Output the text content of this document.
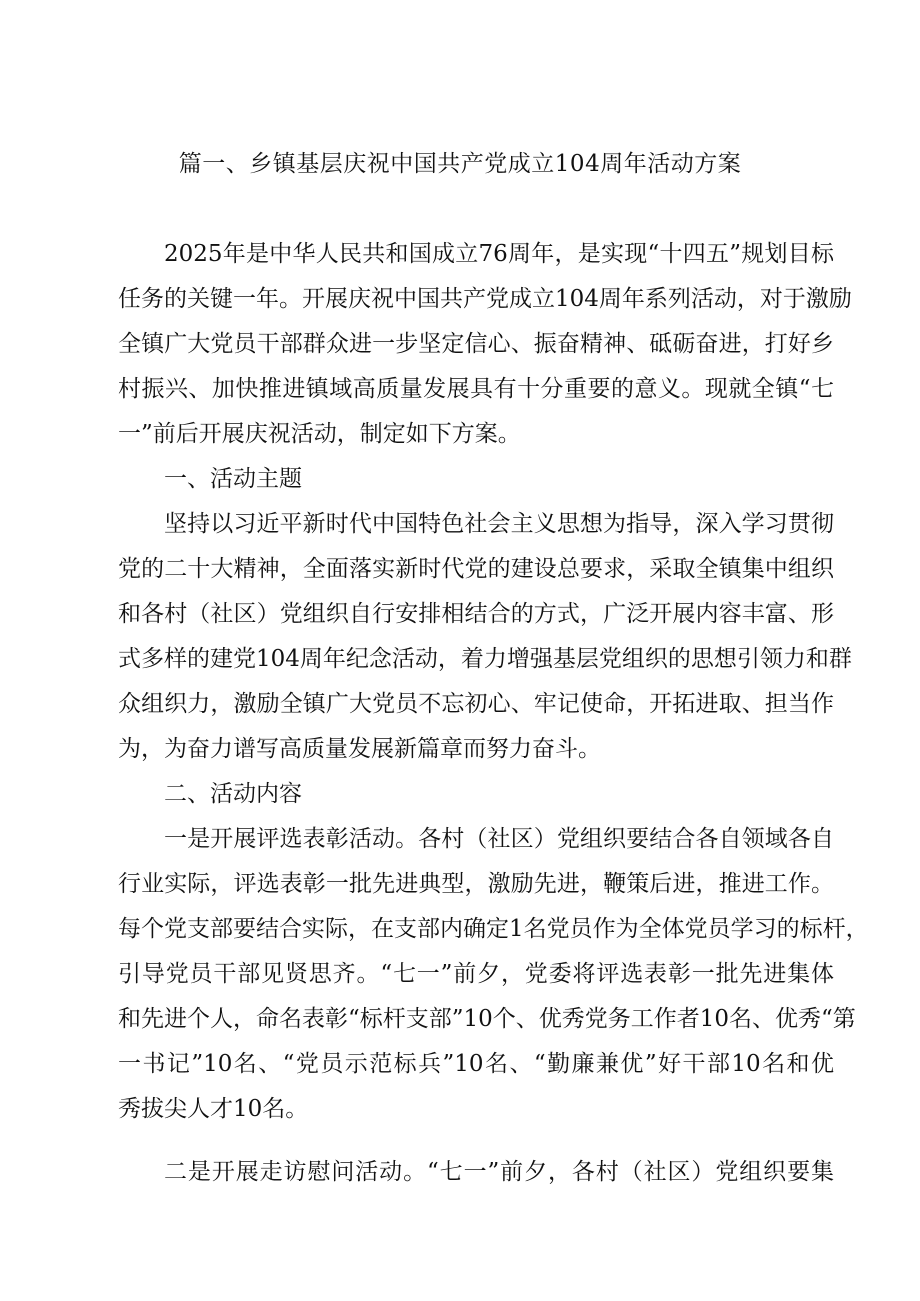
篇一、乡镇基层庆祝中国共产党成立104周年活动方案
2025年是中华人民共和国成立76周年，是实现“十四五”规划目标
任务的关键一年。开展庆祝中国共产党成立104周年系列活动，对于激励
全镇广大党员干部群众进一步坚定信心、振奋精神、砥砺奋进，打好乡
村振兴、加快推进镇域高质量发展具有十分重要的意义。现就全镇“七
一”前后开展庆祝活动，制定如下方案。
一、活动主题
坚持以习近平新时代中国特色社会主义思想为指导，深入学习贯彻
党的二十大精神，全面落实新时代党的建设总要求，采取全镇集中组织
和各村（社区）党组织自行安排相结合的方式，广泛开展内容丰富、形
式多样的建党104周年纪念活动，着力增强基层党组织的思想引领力和群
众组织力，激励全镇广大党员不忘初心、牢记使命，开拓进取、担当作
为，为奋力谱写高质量发展新篇章而努力奋斗。
二、活动内容
一是开展评选表彰活动。各村（社区）党组织要结合各自领域各自
行业实际，评选表彰一批先进典型，激励先进，鞭策后进，推进工作。
每个党支部要结合实际，在支部内确定1名党员作为全体党员学习的标杆，
引导党员干部见贤思齐。“七一”前夕，党委将评选表彰一批先进集体
和先进个人，命名表彰“标杆支部”10个、优秀党务工作者10名、优秀“第
一书记”10名、“党员示范标兵”10名、“勤廉兼优”好干部10名和优
秀拔尖人才10名。
二是开展走访慰问活动。“七一”前夕，各村（社区）党组织要集
